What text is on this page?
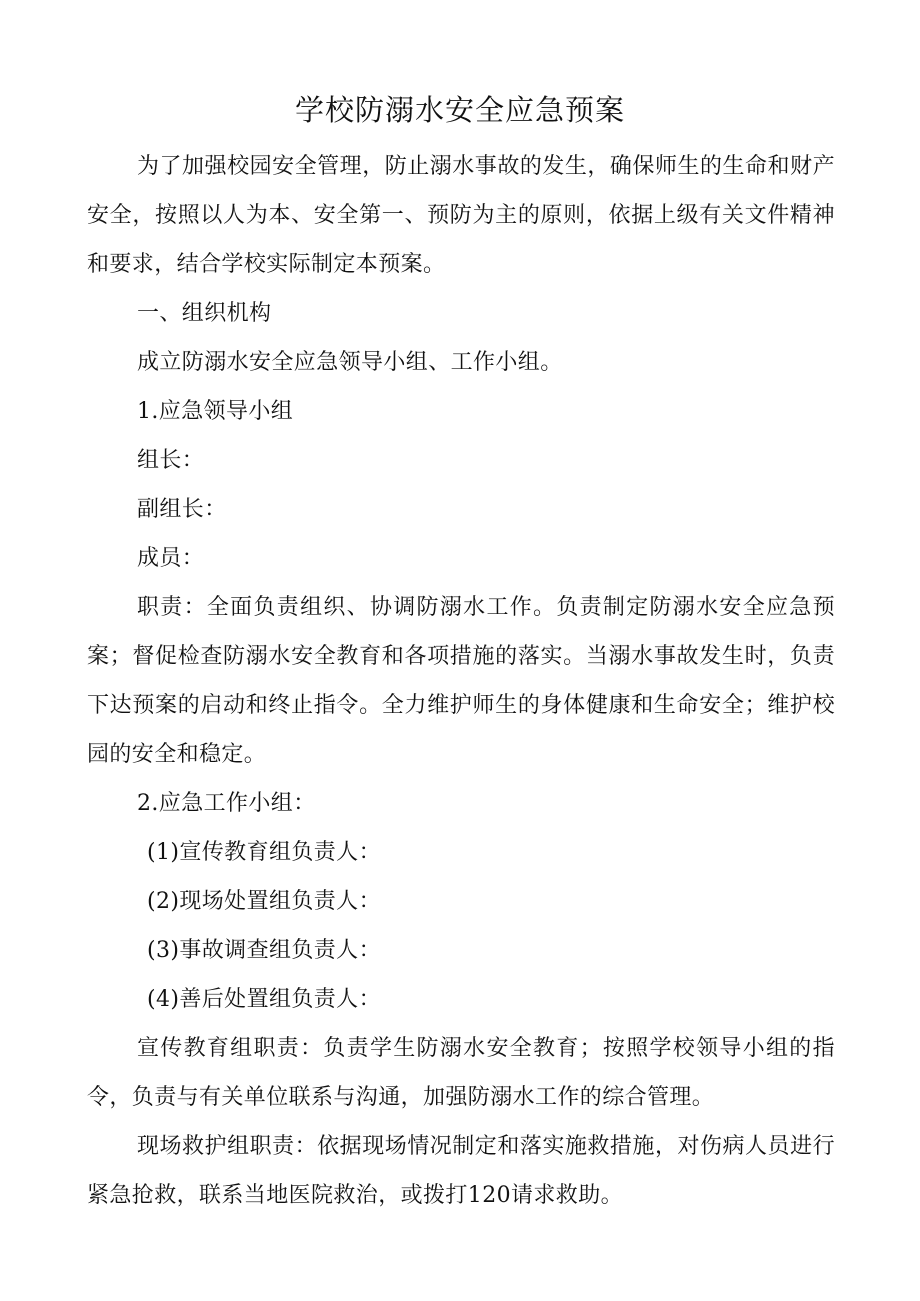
学校防溺水安全应急预案

为了加强校园安全管理，防止溺水事故的发生，确保师生的生命和财产安全，按照以人为本、安全第一、预防为主的原则，依据上级有关文件精神和要求，结合学校实际制定本预案。

一、组织机构

成立防溺水安全应急领导小组、工作小组。

1.应急领导小组

组长：

副组长：

成员：

职责：全面负责组织、协调防溺水工作。负责制定防溺水安全应急预案；督促检查防溺水安全教育和各项措施的落实。当溺水事故发生时，负责下达预案的启动和终止指令。全力维护师生的身体健康和生命安全；维护校园的安全和稳定。

2.应急工作小组：

(1)宣传教育组负责人：

(2)现场处置组负责人：

(3)事故调查组负责人：

(4)善后处置组负责人：

宣传教育组职责：负责学生防溺水安全教育；按照学校领导小组的指令，负责与有关单位联系与沟通，加强防溺水工作的综合管理。

现场救护组职责：依据现场情况制定和落实施救措施，对伤病人员进行紧急抢救，联系当地医院救治，或拨打120请求救助。
